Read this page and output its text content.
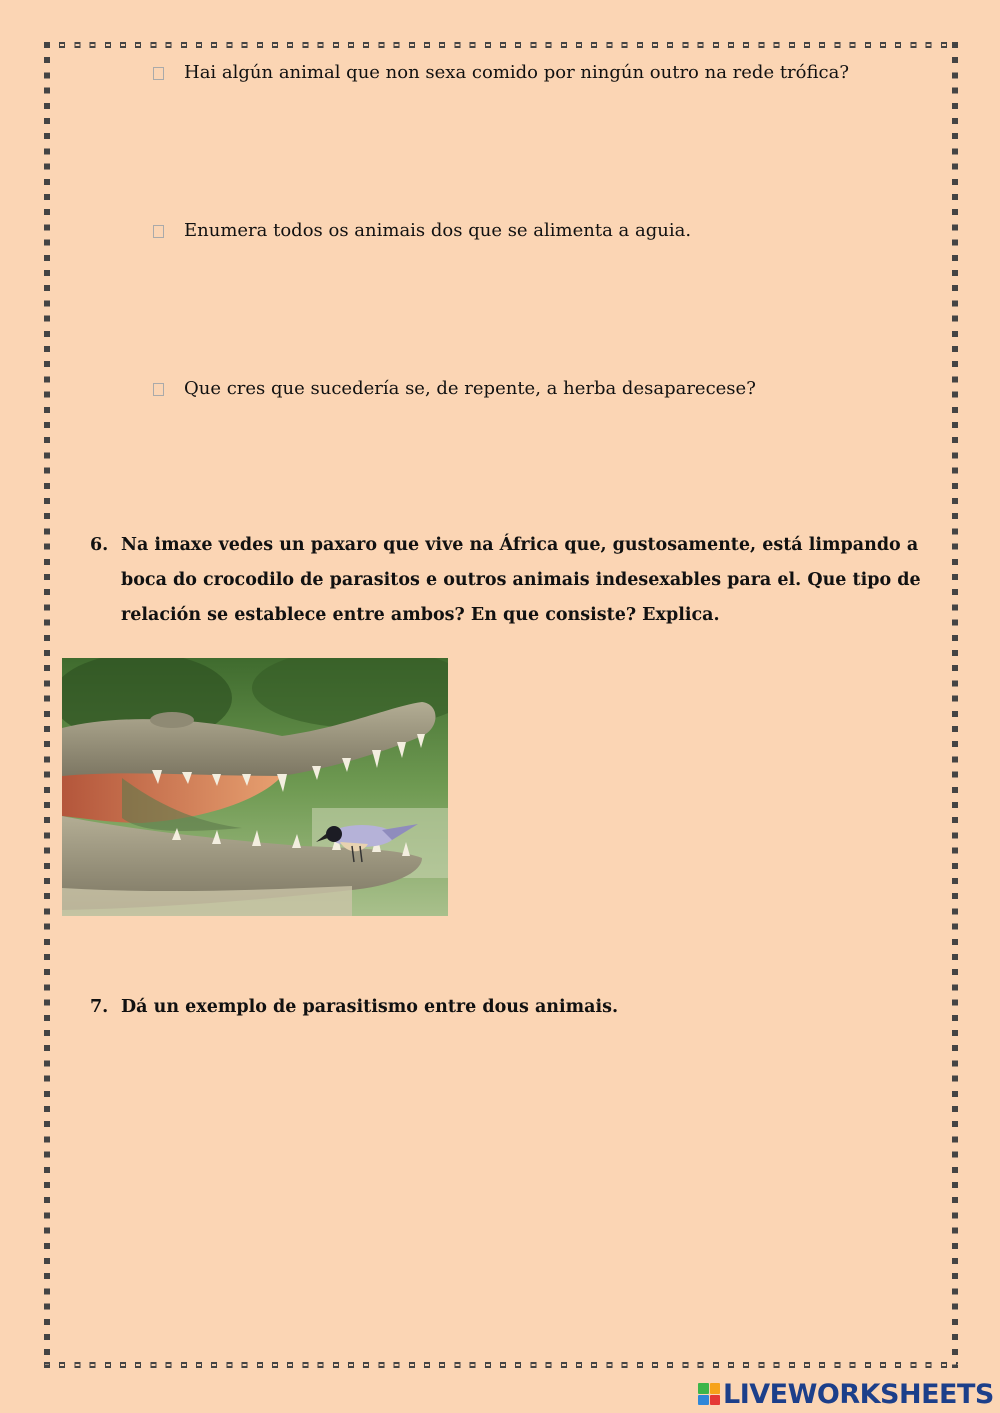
Hai algún animal que non sexa comido por ningún outro na rede trófica?
Enumera todos os animais dos que se alimenta a aguia.
Que cres que sucedería se, de repente, a herba desaparecese?
6. Na imaxe vedes un paxaro que vive na África que, gustosamente, está limpando a boca do crocodilo de parasitos e outros animais indesexables para el. Que tipo de relación se establece entre ambos? En que consiste? Explica.
7. Dá un exemplo de parasitismo entre dous animais.
LIVEWORKSHEETS
